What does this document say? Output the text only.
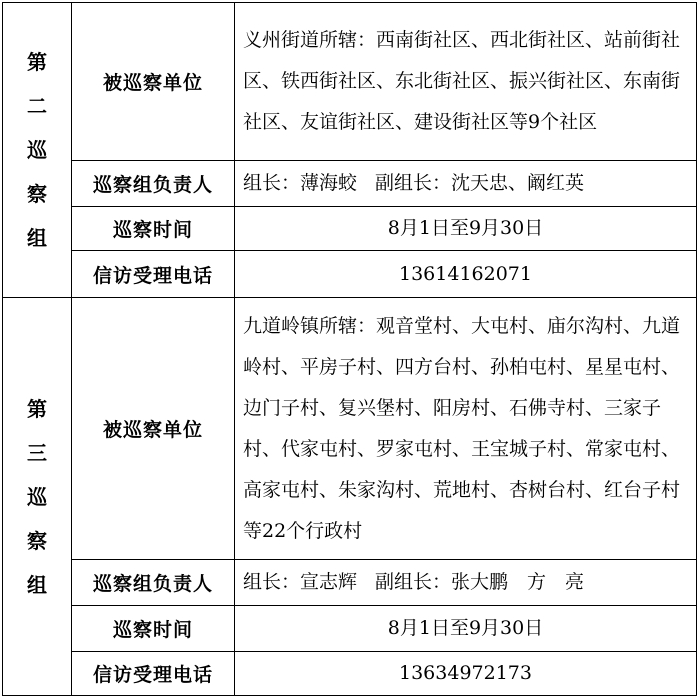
第二巡察组	被巡察单位	义州街道所辖：西南街社区、西北街社区、站前街社区、铁西街社区、东北街社区、振兴街社区、东南街社区、友谊街社区、建设街社区等9个社区
	巡察组负责人	组长：薄海蛟 副组长：沈天忠、阚红英
	巡察时间	8月1日至9月30日
	信访受理电话	13614162071
第三巡察组	被巡察单位	九道岭镇所辖：观音堂村、大屯村、庙尔沟村、九道岭村、平房子村、四方台村、孙柏屯村、星星屯村、边门子村、复兴堡村、阳房村、石佛寺村、三家子村、代家屯村、罗家屯村、王宝城子村、常家屯村、高家屯村、朱家沟村、荒地村、杏树台村、红台子村等22个行政村
	巡察组负责人	组长：宣志辉 副组长：张大鹏　方　亮
	巡察时间	8月1日至9月30日
	信访受理电话	13634972173
